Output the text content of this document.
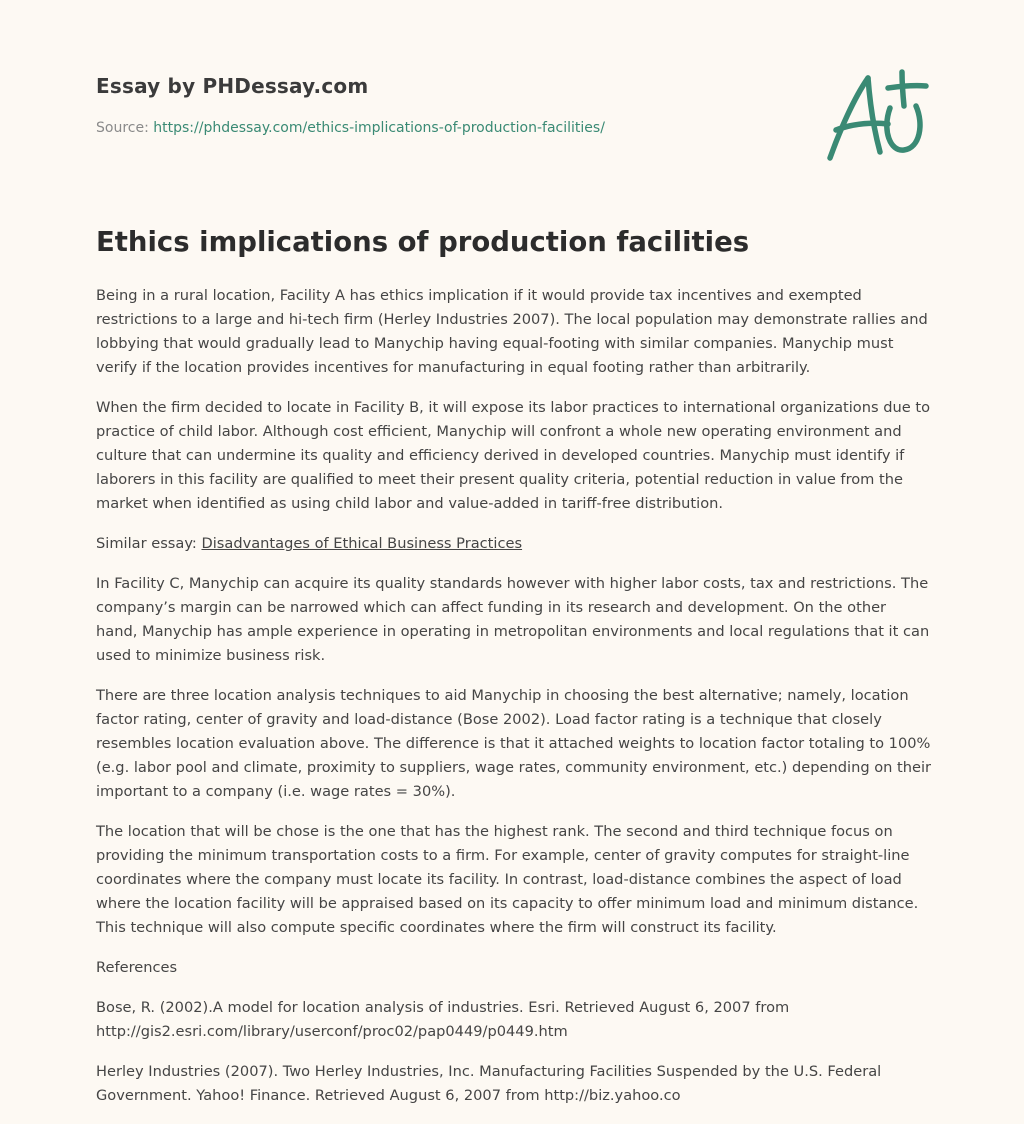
Essay by PHDessay.com
Source: https://phdessay.com/ethics-implications-of-production-facilities/
Ethics implications of production facilities

Being in a rural location, Facility A has ethics implication if it would provide tax incentives and exempted restrictions to a large and hi-tech firm (Herley Industries 2007). The local population may demonstrate rallies and lobbying that would gradually lead to Manychip having equal-footing with similar companies. Manychip must verify if the location provides incentives for manufacturing in equal footing rather than arbitrarily.

When the firm decided to locate in Facility B, it will expose its labor practices to international organizations due to practice of child labor. Although cost efficient, Manychip will confront a whole new operating environment and culture that can undermine its quality and efficiency derived in developed countries. Manychip must identify if laborers in this facility are qualified to meet their present quality criteria, potential reduction in value from the market when identified as using child labor and value-added in tariff-free distribution.

Similar essay: Disadvantages of Ethical Business Practices

In Facility C, Manychip can acquire its quality standards however with higher labor costs, tax and restrictions. The company’s margin can be narrowed which can affect funding in its research and development. On the other hand, Manychip has ample experience in operating in metropolitan environments and local regulations that it can used to minimize business risk.

There are three location analysis techniques to aid Manychip in choosing the best alternative; namely, location factor rating, center of gravity and load-distance (Bose 2002). Load factor rating is a technique that closely resembles location evaluation above. The difference is that it attached weights to location factor totaling to 100% (e.g. labor pool and climate, proximity to suppliers, wage rates, community environment, etc.) depending on their important to a company (i.e. wage rates = 30%).

The location that will be chose is the one that has the highest rank. The second and third technique focus on providing the minimum transportation costs to a firm. For example, center of gravity computes for straight-line coordinates where the company must locate its facility. In contrast, load-distance combines the aspect of load where the location facility will be appraised based on its capacity to offer minimum load and minimum distance. This technique will also compute specific coordinates where the firm will construct its facility.

References

Bose, R. (2002).A model for location analysis of industries. Esri. Retrieved August 6, 2007 from http://gis2.esri.com/library/userconf/proc02/pap0449/p0449.htm

Herley Industries (2007). Two Herley Industries, Inc. Manufacturing Facilities Suspended by the U.S. Federal Government. Yahoo! Finance. Retrieved August 6, 2007 from http://biz.yahoo.co
